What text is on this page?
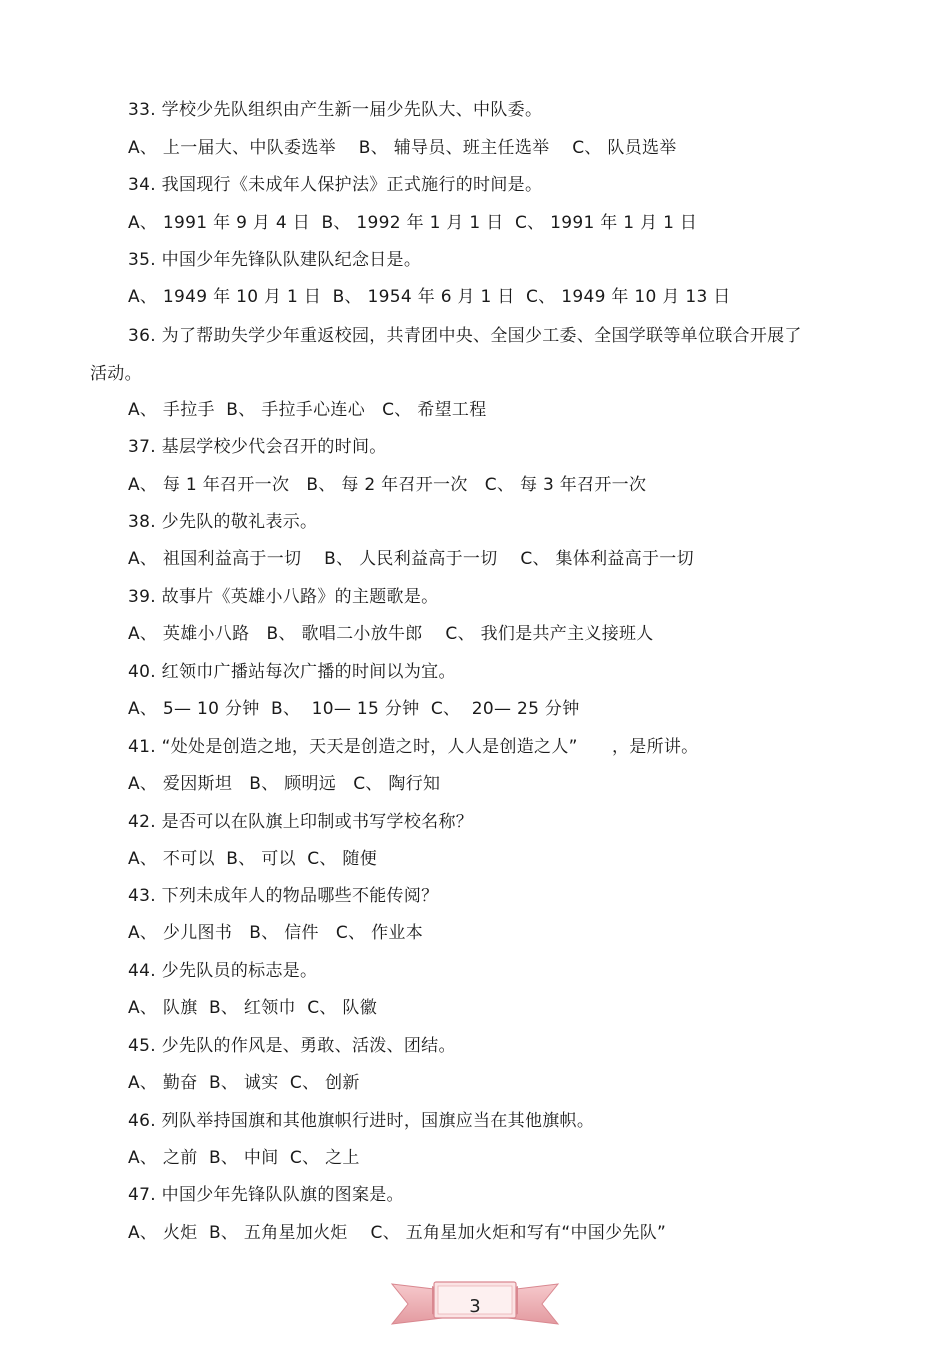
33. 学校少先队组织由产生新一届少先队大、中队委。
A、 上一届大、中队委选举    B、 辅导员、班主任选举    C、 队员选举
34. 我国现行《未成年人保护法》正式施行的时间是。
A、 1991 年 9 月 4 日  B、 1992 年 1 月 1 日  C、 1991 年 1 月 1 日
35. 中国少年先锋队队建队纪念日是。
A、 1949 年 10 月 1 日  B、 1954 年 6 月 1 日  C、 1949 年 10 月 13 日
36. 为了帮助失学少年重返校园，共青团中央、全国少工委、全国学联等单位联合开展了
活动。
A、 手拉手  B、 手拉手心连心   C、 希望工程
37. 基层学校少代会召开的时间。
A、 每 1 年召开一次   B、 每 2 年召开一次   C、 每 3 年召开一次
38. 少先队的敬礼表示。
A、 祖国利益高于一切    B、 人民利益高于一切    C、 集体利益高于一切
39. 故事片《英雄小八路》的主题歌是。
A、 英雄小八路   B、 歌唱二小放牛郎    C、 我们是共产主义接班人
40. 红领巾广播站每次广播的时间以为宜。
A、 5— 10 分钟  B、  10— 15 分钟  C、  20— 25 分钟
41. “处处是创造之地，天天是创造之时，人人是创造之人”      ，是所讲。
A、 爱因斯坦   B、 顾明远   C、 陶行知
42. 是否可以在队旗上印制或书写学校名称？
A、 不可以  B、 可以  C、 随便
43. 下列未成年人的物品哪些不能传阅？
A、 少儿图书   B、 信件   C、 作业本
44. 少先队员的标志是。
A、 队旗  B、 红领巾  C、 队徽
45. 少先队的作风是、勇敢、活泼、团结。
A、 勤奋  B、 诚实  C、 创新
46. 列队举持国旗和其他旗帜行进时，国旗应当在其他旗帜。
A、 之前  B、 中间  C、 之上
47. 中国少年先锋队队旗的图案是。
A、 火炬  B、 五角星加火炬    C、 五角星加火炬和写有“中国少先队”
3
